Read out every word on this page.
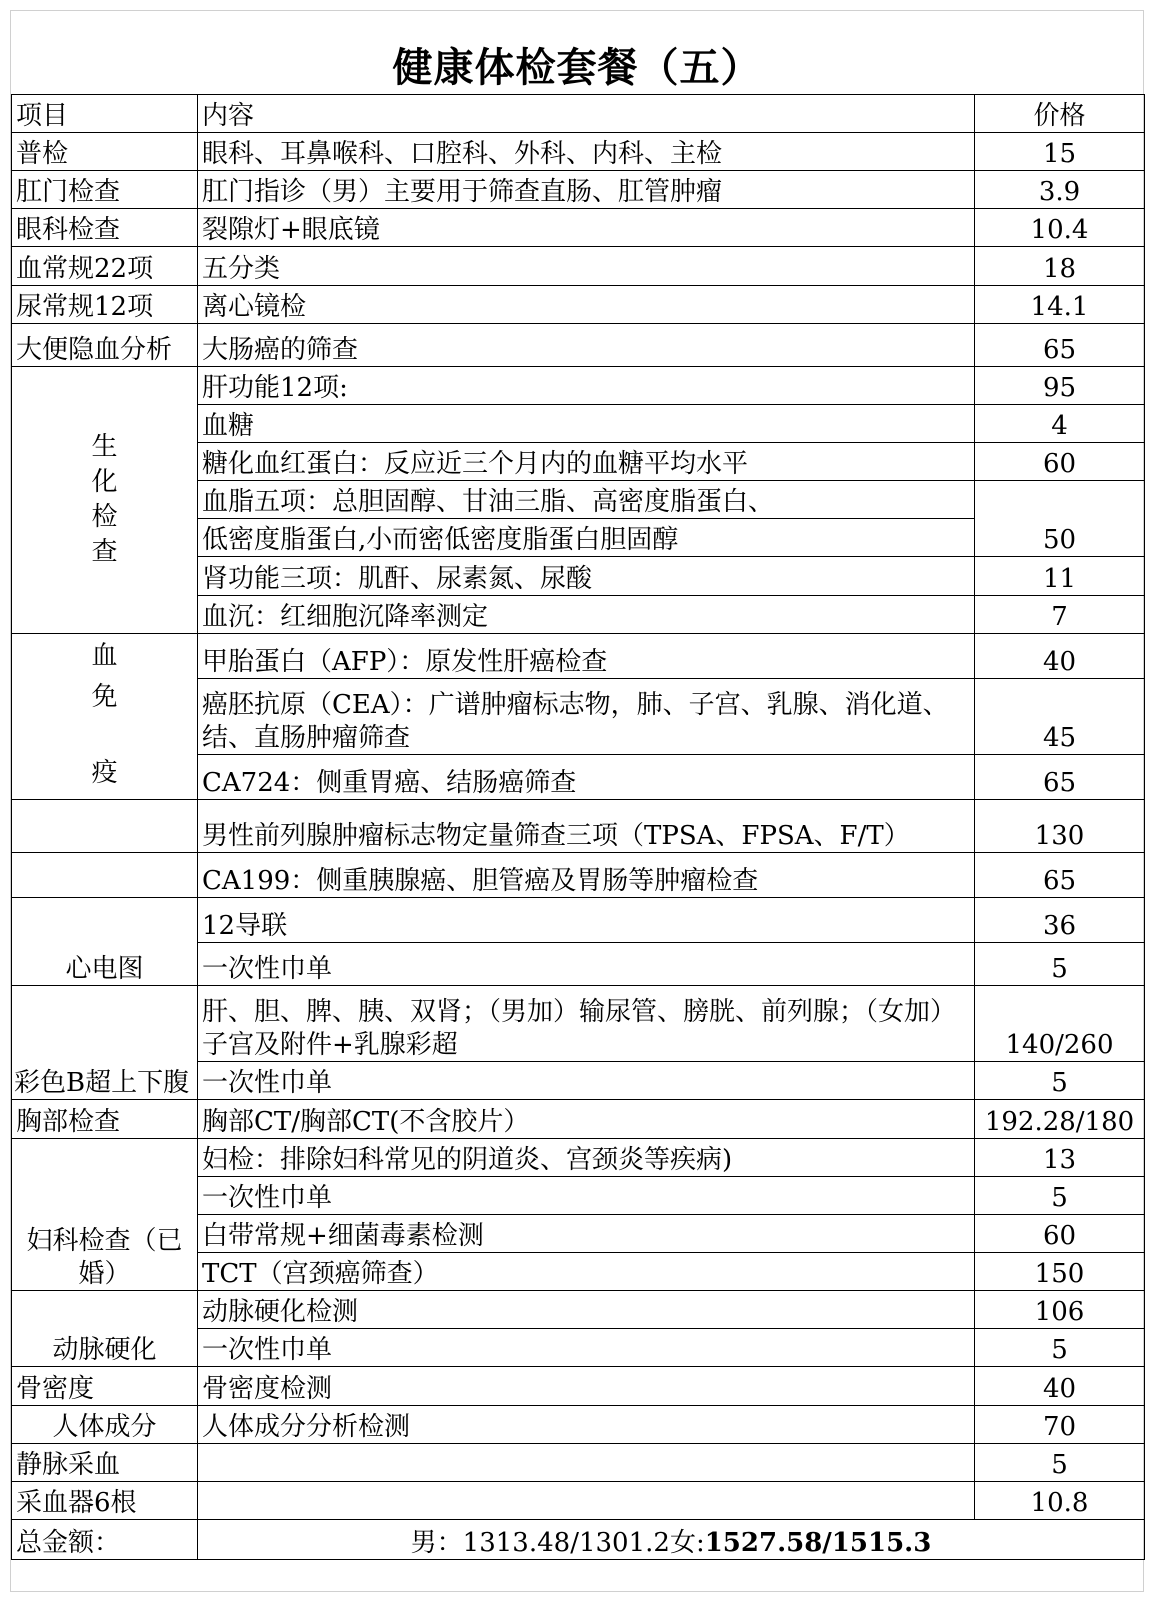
健康体检套餐（五）
项目	内容	价格
普检	眼科、耳鼻喉科、口腔科、外科、内科、主检	15
肛门检查	肛门指诊（男）主要用于筛查直肠、肛管肿瘤	3.9
眼科检查	裂隙灯+眼底镜	10.4
血常规22项	五分类	18
尿常规12项	离心镜检	14.1
大便隐血分析	大肠癌的筛查	65
生
化
检
查	肝功能12项:	95
	血糖	4
	糖化血红蛋白：反应近三个月内的血糖平均水平	60
	血脂五项：总胆固醇、甘油三脂、高密度脂蛋白、	50
	低密度脂蛋白,小而密低密度脂蛋白胆固醇	
	肾功能三项：肌酐、尿素氮、尿酸	11
	血沉：红细胞沉降率测定	7
血	甲胎蛋白（AFP）：原发性肝癌检查	40
免	癌胚抗原（CEA）：广谱肿瘤标志物，肺、子宫、乳腺、消化道、结、直肠肿瘤筛查	45
疫	CA724：侧重胃癌、结肠癌筛查	65
	男性前列腺肿瘤标志物定量筛查三项（TPSA、FPSA、F/T）	130
	CA199：侧重胰腺癌、胆管癌及胃肠等肿瘤检查	65
心电图	12导联	36
	一次性巾单	5
彩色B超上下腹	肝、胆、脾、胰、双肾；（男加）输尿管、膀胱、前列腺；（女加）子宫及附件+乳腺彩超	140/260
	一次性巾单	5
胸部检查	胸部CT/胸部CT(不含胶片）	192.28/180
妇科检查（已婚）	妇检：排除妇科常见的阴道炎、宫颈炎等疾病)	13
	一次性巾单	5
	白带常规+细菌毒素检测	60
	TCT（宫颈癌筛查）	150
动脉硬化	动脉硬化检测	106
	一次性巾单	5
骨密度	骨密度检测	40
人体成分	人体成分分析检测	70
静脉采血		5
采血器6根		10.8
总金额：	男：1313.48/1301.2女:1527.58/1515.3	
